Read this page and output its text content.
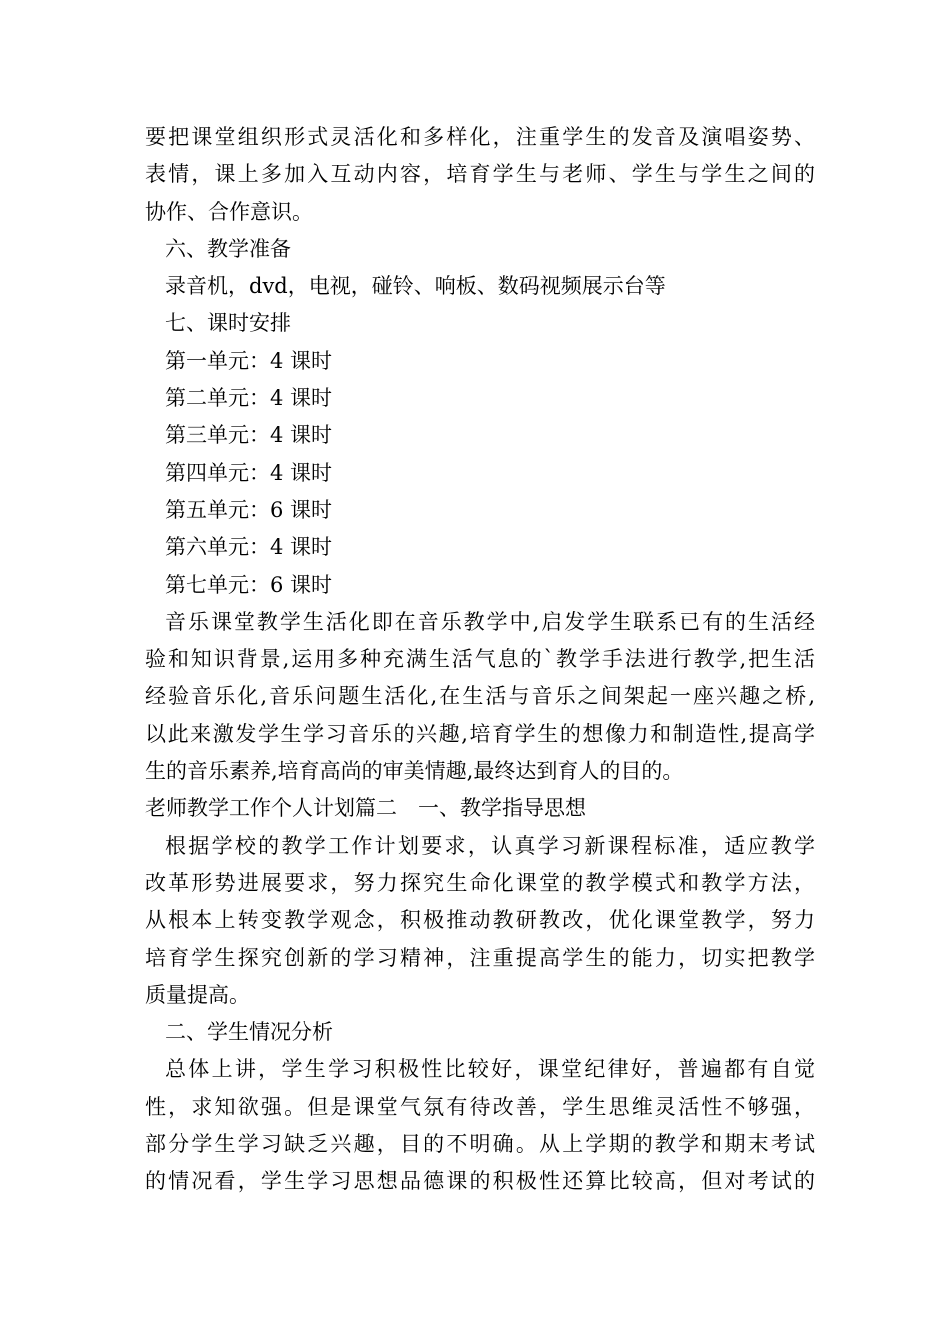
要把课堂组织形式灵活化和多样化，注重学生的发音及演唱姿势、
表情，课上多加入互动内容，培育学生与老师、学生与学生之间的
协作、合作意识。
六、教学准备
录音机，dvd，电视，碰铃、响板、数码视频展示台等
七、课时安排
第一单元：4 课时
第二单元：4 课时
第三单元：4 课时
第四单元：4 课时
第五单元：6 课时
第六单元：4 课时
第七单元：6 课时
音乐课堂教学生活化即在音乐教学中,启发学生联系已有的生活经
验和知识背景,运用多种充满生活气息的`教学手法进行教学,把生活
经验音乐化,音乐问题生活化,在生活与音乐之间架起一座兴趣之桥,
以此来激发学生学习音乐的兴趣,培育学生的想像力和制造性,提高学
生的音乐素养,培育高尚的审美情趣,最终达到育人的目的。
老师教学工作个人计划篇二　一、教学指导思想
根据学校的教学工作计划要求，认真学习新课程标准，适应教学
改革形势进展要求，努力探究生命化课堂的教学模式和教学方法，
从根本上转变教学观念，积极推动教研教改，优化课堂教学，努力
培育学生探究创新的学习精神，注重提高学生的能力，切实把教学
质量提高。
二、学生情况分析
总体上讲，学生学习积极性比较好，课堂纪律好，普遍都有自觉
性，求知欲强。但是课堂气氛有待改善，学生思维灵活性不够强，
部分学生学习缺乏兴趣，目的不明确。从上学期的教学和期末考试
的情况看，学生学习思想品德课的积极性还算比较高，但对考试的
